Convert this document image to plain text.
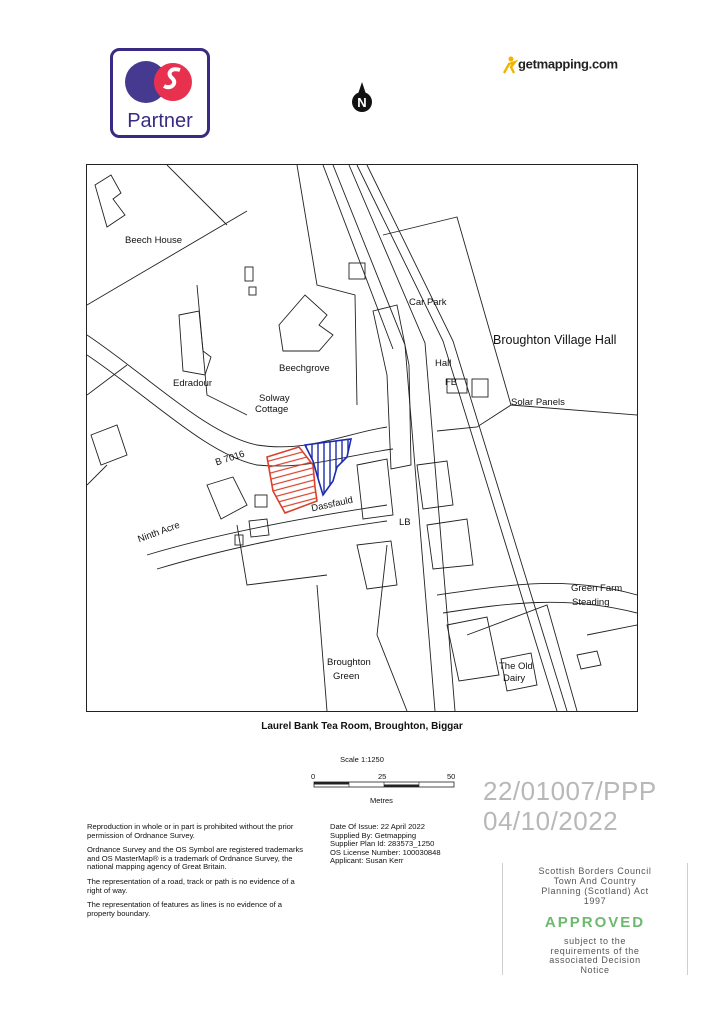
Partner
getmapping.com
N
Beech House
Car Park
Broughton Village Hall
Beechgrove	Hall
Edradour	FB
Solway
Cottage
Solar Panels
B 7016
Dassfauld
Ninth Acre	LB
Green Farm
Steading
Broughton
Green
The Old
Dairy
Laurel Bank Tea Room, Broughton, Biggar
Scale 1:1250
0	25	50
Metres	22/01007/PPP
04/10/2022

Reproduction in whole or in part is prohibited without the prior permission of Ordnance Survey.

Ordnance Survey and the OS Symbol are registered trademarks and OS MasterMap® is a trademark of Ordnance Survey, the national mapping agency of Great Britain.

The representation of a road, track or path is no evidence of a right of way.

The representation of features as lines is no evidence of a property boundary.

Date Of Issue: 22 April 2022
Supplied By: Getmapping
Supplier Plan Id: 283573_1250
OS License Number: 100030848
Applicant: Susan Kerr
Scottish Borders Council
Town And Country
Planning (Scotland) Act
1997
APPROVED
subject to the
requirements of the
associated Decision
Notice
